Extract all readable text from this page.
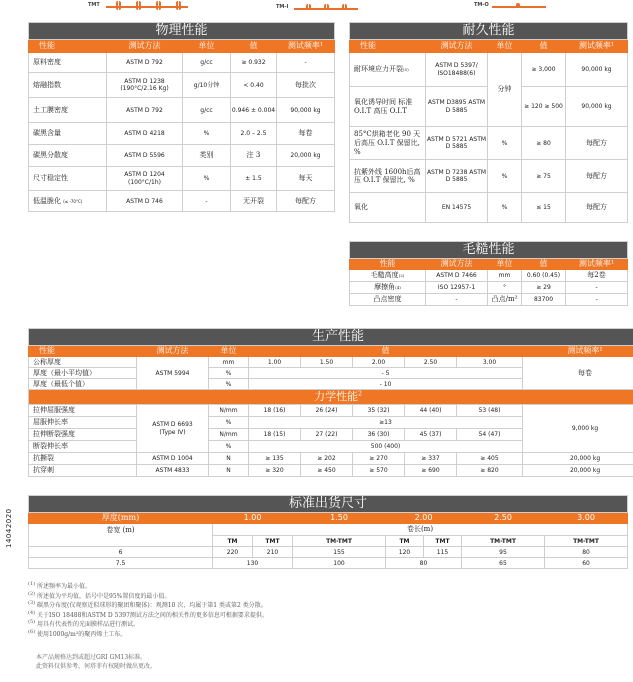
TMT	TM-I	TM-O
物理性能				
性能	测试方法	单位	值	测试频率¹
原料密度	ASTM D 792	g/cc	≥ 0.932	-
熔融指数	ASTM D 1238 (190°C/2.16 Kg)	g/10分钟	< 0.40	每批次
土工膜密度	ASTM D 792	g/cc	0.946 ± 0.004	90,000 kg
碳黑含量	ASTM D 4218	%	2.0 – 2.5	每卷
碳黑分散度	ASTM D 5596	类别	注 3	20,000 kg
尺寸稳定性	ASTM D 1204 (100°C/1h)	%	± 1.5	每天
低温脆化 (≤ -70°C)	ASTM D 746	-	无开裂	每配方
耐久性能				
性能	测试方法	单位	值	测试频率¹
耐环境应力开裂(5)	ASTM D 5397/ ISO18488(6)	分钟	≥ 3,000	90,000 kg
氧化诱导时间 标准 O.I.T 高压 O.I.T	ASTM D3895 ASTM D 5885		≥ 120 ≥ 500	90,000 kg
85°C烘箱老化 90 天后高压 O.I.T 保留比, %	ASTM D 5721 ASTM D 5885	%	≥ 80	每配方
抗紫外线 1600h后高压 O.I.T 保留比, %	ASTM D 7238 ASTM D 5885	%	≥ 75	每配方
氧化	EN 14575	%	≤ 15	每配方
毛糙性能				
性能	测试方法	单位	值	测试频率¹
毛糙高度(2)	ASTM D 7466	mm	0.60 (0.45)	每2卷
摩擦角(4)	ISO 12957-1	°	≥ 29	-
凸点密度	-	凸点/m²	83700	-
生产性能								
性能	测试方法	单位	值					测试频率¹
公称厚度	ASTM 5994	mm	1.00	1.50	2.00	2.50	3.00	每卷
厚度（最小平均值）		%	- 5					
厚度（最低个值）		%	- 10					
力学性能$^2$
拉伸屈服强度	ASTM D 6693 (Type IV)	N/mm	18 (16)	26 (24)	35 (32)	44 (40)	53 (48)	9,000 kg
屈服伸长率		%	≥13					
拉伸断裂强度		N/mm	18 (15)	27 (22)	36 (30)	45 (37)	54 (47)	
断裂伸长率		%	500 (400)					
抗撕裂	ASTM D 1004	N	≥ 135	≥ 202	≥ 270	≥ 337	≥ 405	20,000 kg
抗穿刺	ASTM 4833	N	≥ 320	≥ 450	≥ 570	≥ 690	≥ 820	20,000 kg
14042020
标准出货尺寸							
厚度(mm)	1.00		1.50	2.00		2.50	3.00
卷宽 (m)	卷长(m)						
	TM	TMT	TM-TMT	TM	TMT	TM-TMT	TM-TMT
6	220	210	155	120	115	95	80
7.5	130		100	80		65	60
$^{(1)}$ 所述频率为最小值。
$^{(2)}$ 所述值为平均值，括号中是95%置信度的最小值。
$^{(3)}$ 碳黑分布度(仅观察近似球形的聚团和聚体)：观测10 次，均属于第1 类或第2 类分散。
$^{(4)}$ 关于ISO 18488和ASTM D 5397测试方法之间的相关性的更多信息可根据要求提供。
$^{(5)}$ 用具有代表性的光面膜样品进行测试。
$^{(6)}$ 使用1000g/m²的聚丙烯土工布。
本产品规格达到或超过GRI GM13标准。
此资料仅供参考，何塔菲有权随时做出更改。
